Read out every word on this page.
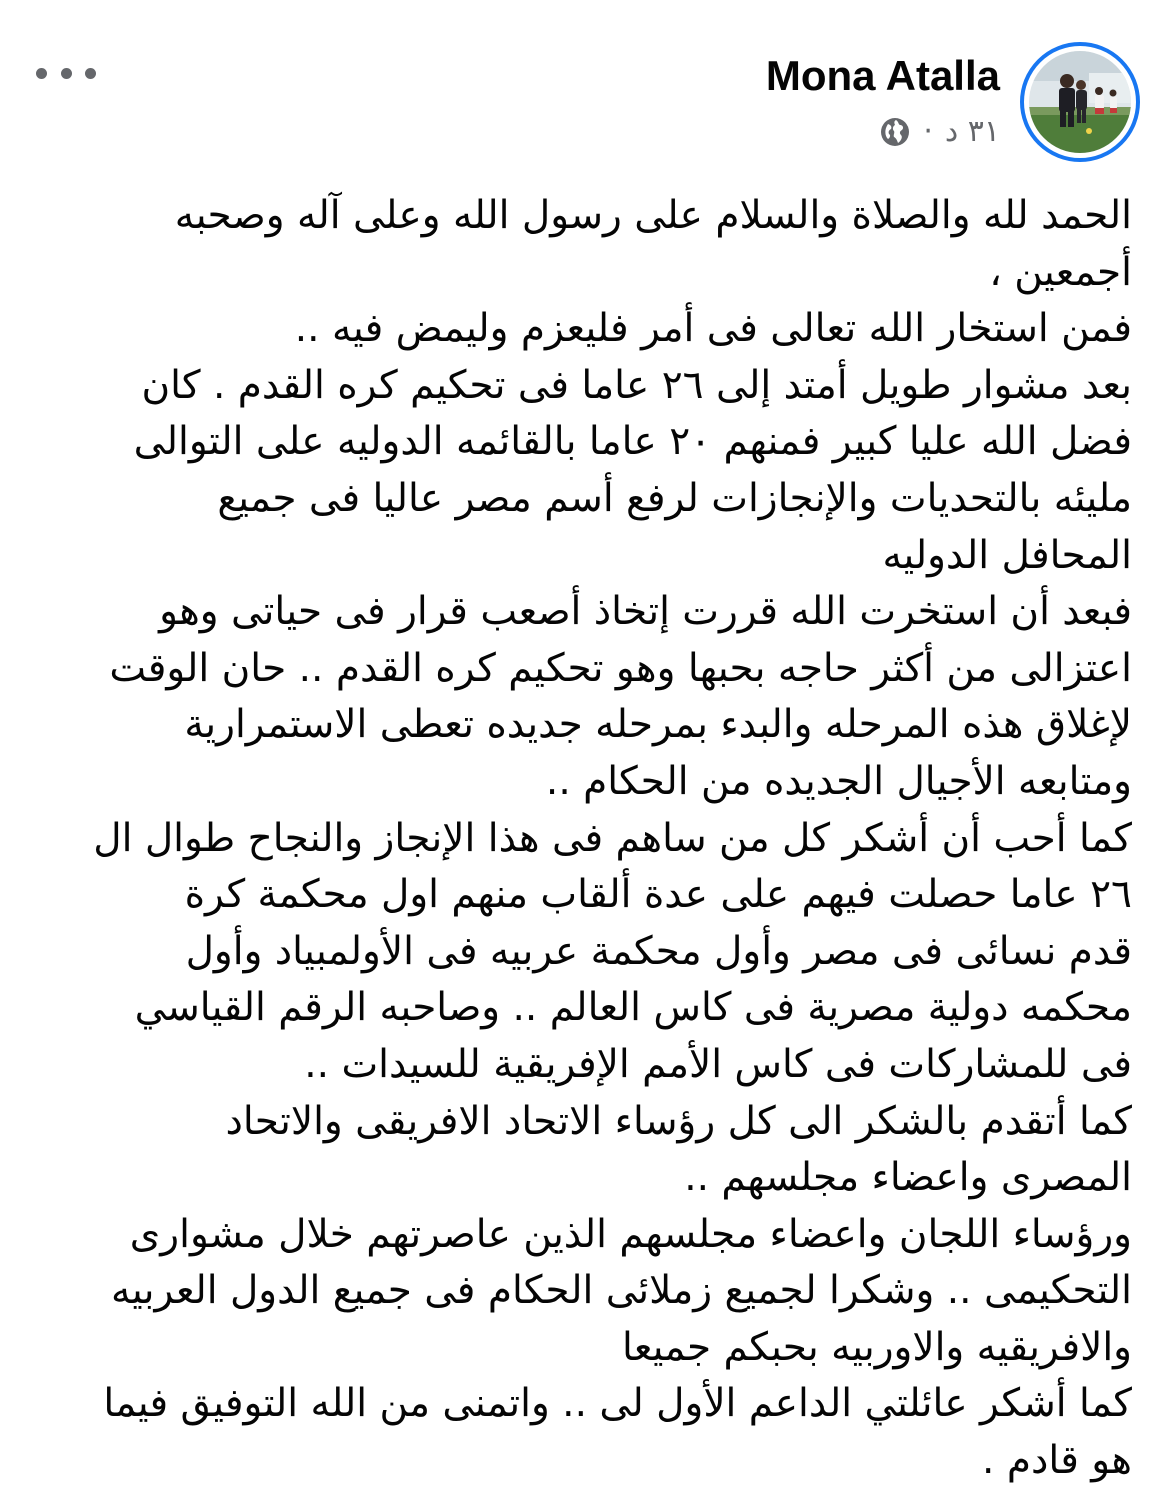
Mona Atalla
٣١ د
·
الحمد لله والصلاة والسلام على رسول الله وعلى آله وصحبه
أجمعين ،
فمن استخار الله تعالى فى أمر فليعزم وليمض فيه ..
بعد مشوار طويل أمتد إلى ٢٦ عاما فى تحكيم كره القدم . كان
فضل الله عليا كبير فمنهم ٢٠ عاما بالقائمه الدوليه على التوالى
مليئه بالتحديات والإنجازات لرفع أسم مصر عاليا فى جميع
المحافل الدوليه
فبعد أن استخرت الله قررت إتخاذ أصعب قرار فى حياتى وهو
اعتزالى من أكثر حاجه بحبها وهو تحكيم كره القدم .. حان الوقت
لإغلاق هذه المرحله والبدء بمرحله جديده تعطى الاستمرارية
ومتابعه الأجيال الجديده من الحكام ..
كما أحب أن أشكر كل من ساهم فى هذا الإنجاز والنجاح طوال ال
٢٦ عاما حصلت فيهم على عدة ألقاب منهم اول محكمة كرة
قدم نسائى فى مصر وأول محكمة عربيه فى الأولمبياد وأول
محكمه دولية مصرية فى كاس العالم .. وصاحبه الرقم القياسي
فى للمشاركات فى كاس الأمم الإفريقية للسيدات ..
كما أتقدم بالشكر الى كل رؤساء الاتحاد الافريقى والاتحاد
المصرى واعضاء مجلسهم ..
ورؤساء اللجان واعضاء مجلسهم الذين عاصرتهم خلال مشوارى
التحكيمى .. وشكرا لجميع زملائى الحكام فى جميع الدول العربيه
والافريقيه والاوربيه بحبكم جميعا
كما أشكر عائلتي الداعم الأول لى .. واتمنى من الله التوفيق فيما
هو قادم .
